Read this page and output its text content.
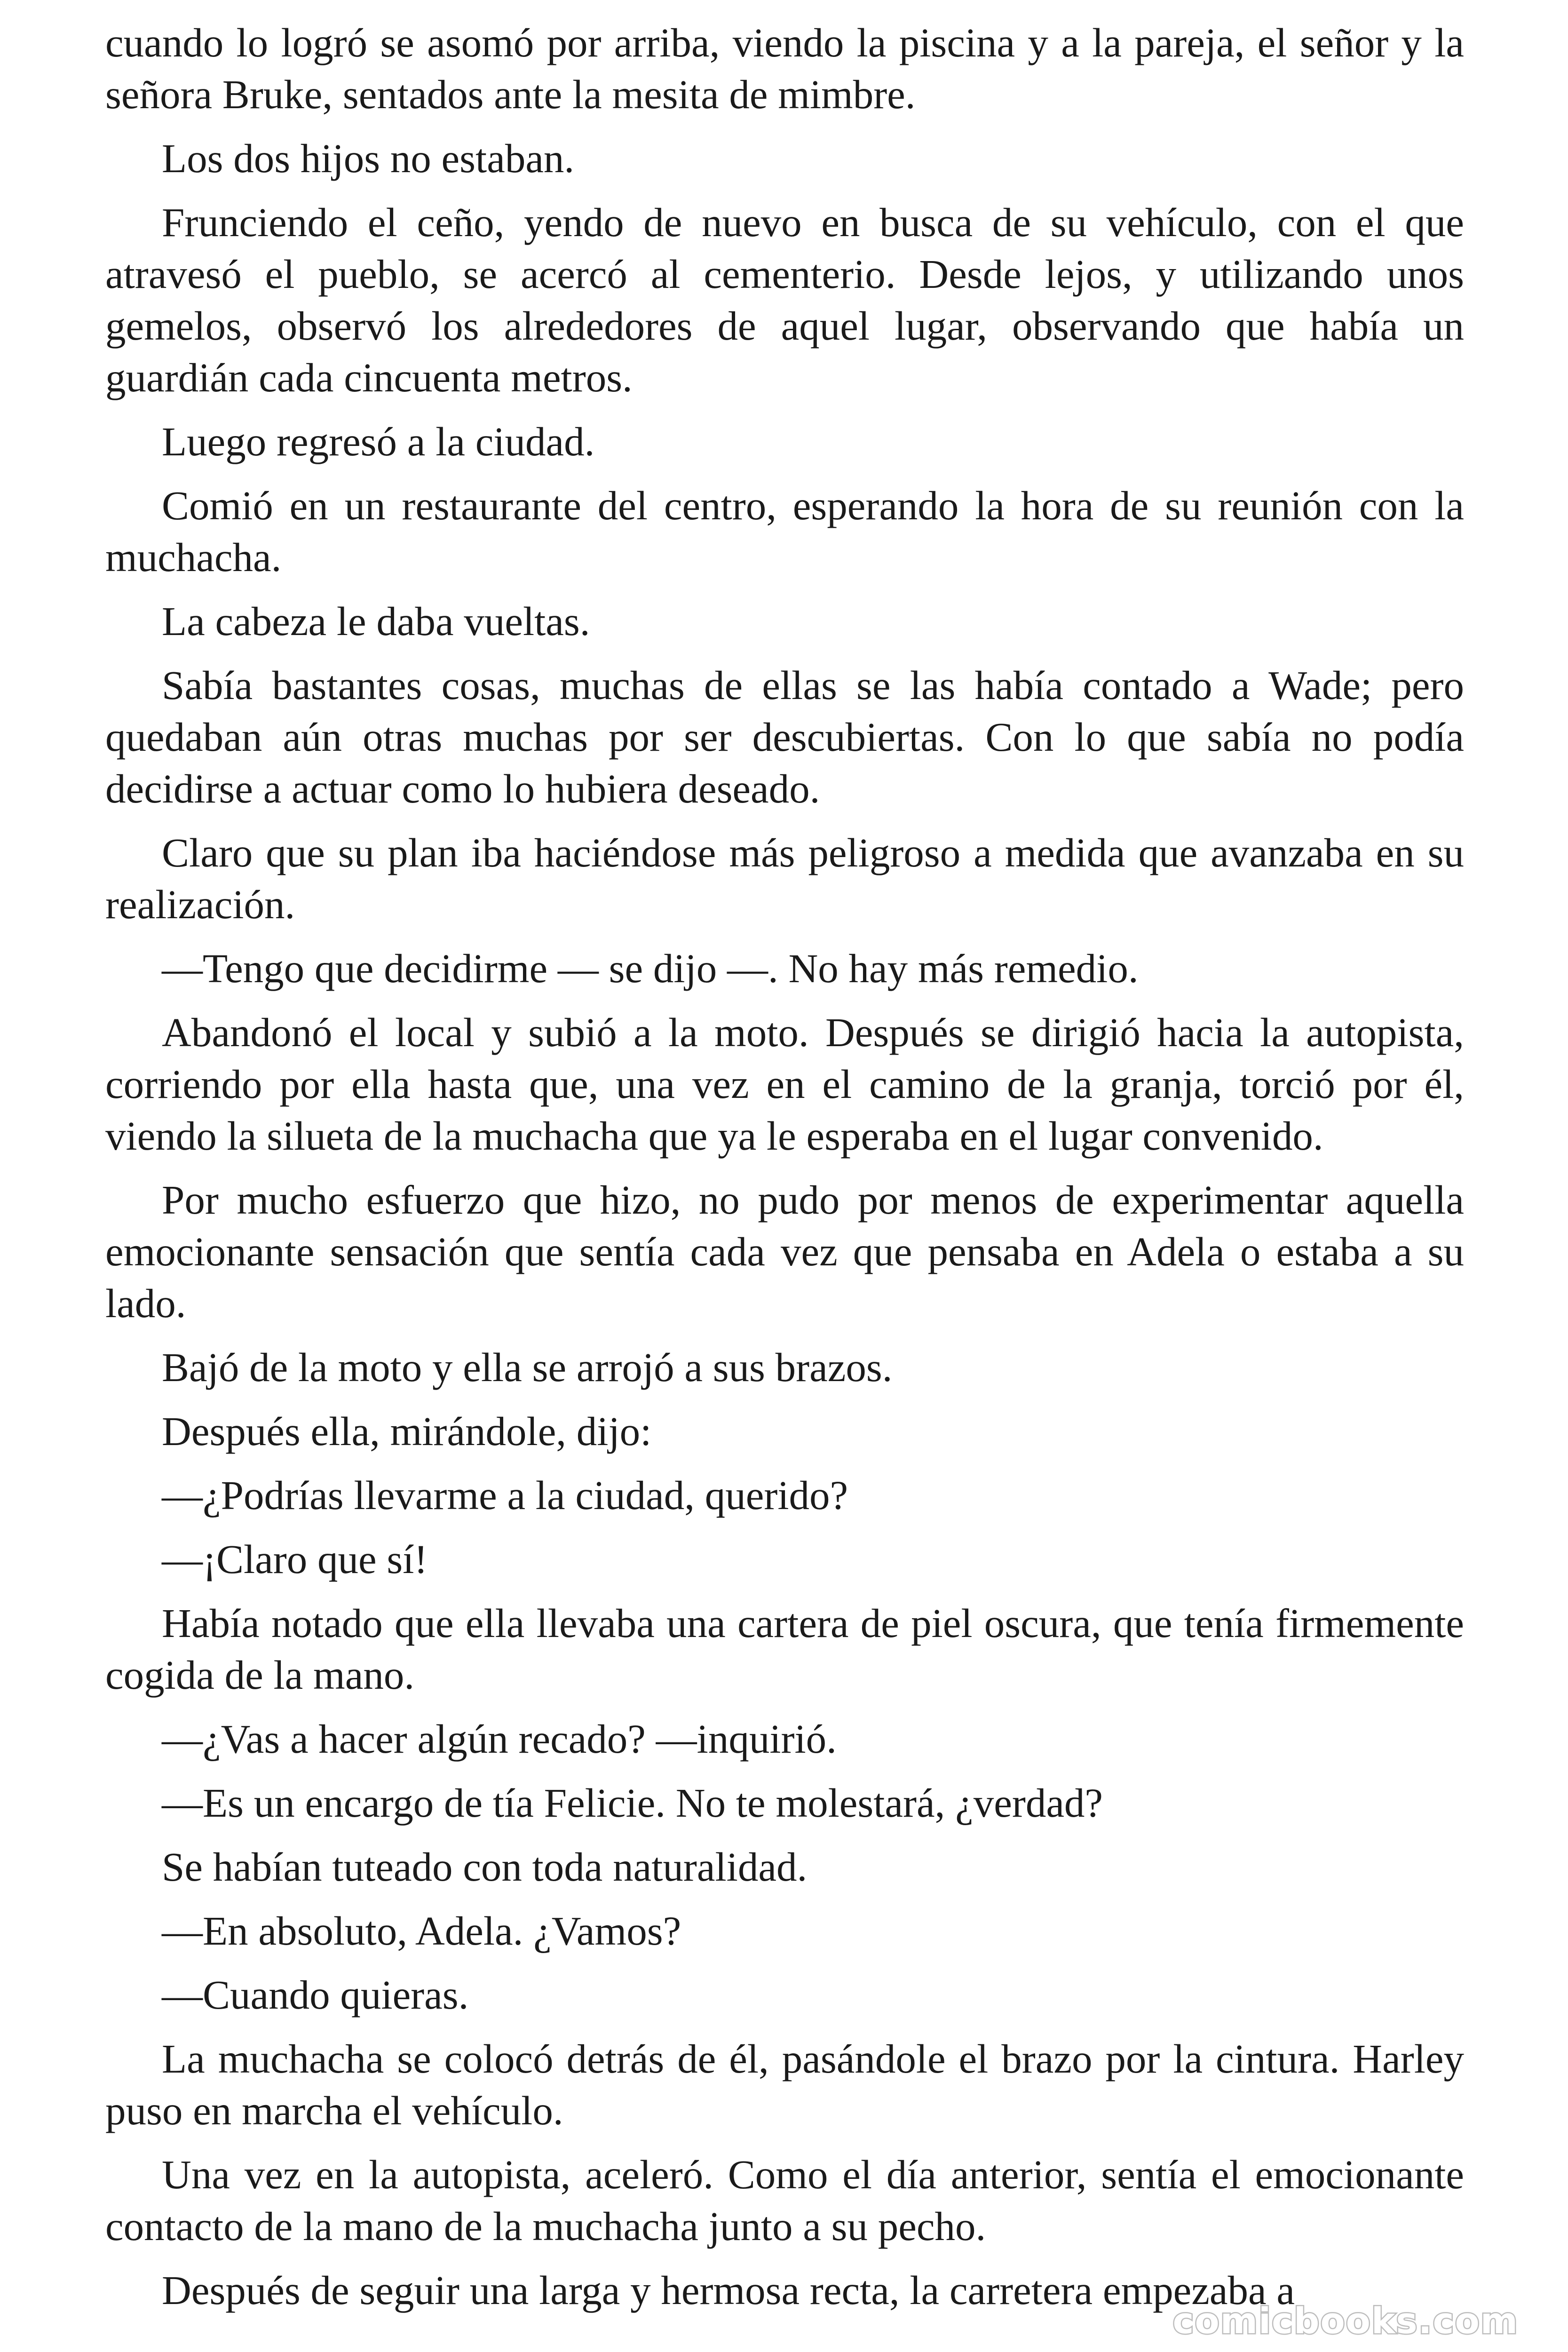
cuando lo logró se asomó por arriba, viendo la piscina y a la pareja, el señor y la señora Bruke, sentados ante la mesita de mimbre.

Los dos hijos no estaban.

Frunciendo el ceño, yendo de nuevo en busca de su vehículo, con el que atravesó el pueblo, se acercó al cementerio. Desde lejos, y utilizando unos gemelos, observó los alrededores de aquel lugar, observando que había un guardián cada cincuenta metros.

Luego regresó a la ciudad.

Comió en un restaurante del centro, esperando la hora de su reunión con la muchacha.

La cabeza le daba vueltas.

Sabía bastantes cosas, muchas de ellas se las había contado a Wade; pero quedaban aún otras muchas por ser descubiertas. Con lo que sabía no podía decidirse a actuar como lo hubiera deseado.

Claro que su plan iba haciéndose más peligroso a medida que avanzaba en su realización.

—Tengo que decidirme — se dijo —. No hay más remedio.

Abandonó el local y subió a la moto. Después se dirigió hacia la autopista, corriendo por ella hasta que, una vez en el camino de la granja, torció por él, viendo la silueta de la muchacha que ya le esperaba en el lugar convenido.

Por mucho esfuerzo que hizo, no pudo por menos de experimentar aquella emocionante sensación que sentía cada vez que pensaba en Adela o estaba a su lado.

Bajó de la moto y ella se arrojó a sus brazos.

Después ella, mirándole, dijo:

—¿Podrías llevarme a la ciudad, querido?

—¡Claro que sí!

Había notado que ella llevaba una cartera de piel oscura, que tenía firmemente cogida de la mano.

—¿Vas a hacer algún recado? —inquirió.

—Es un encargo de tía Felicie. No te molestará, ¿verdad?

Se habían tuteado con toda naturalidad.

—En absoluto, Adela. ¿Vamos?

—Cuando quieras.

La muchacha se colocó detrás de él, pasándole el brazo por la cintura. Harley puso en marcha el vehículo.

Una vez en la autopista, aceleró. Como el día anterior, sentía el emocionante contacto de la mano de la muchacha junto a su pecho.

Después de seguir una larga y hermosa recta, la carretera empezaba a

comicbooks.com
